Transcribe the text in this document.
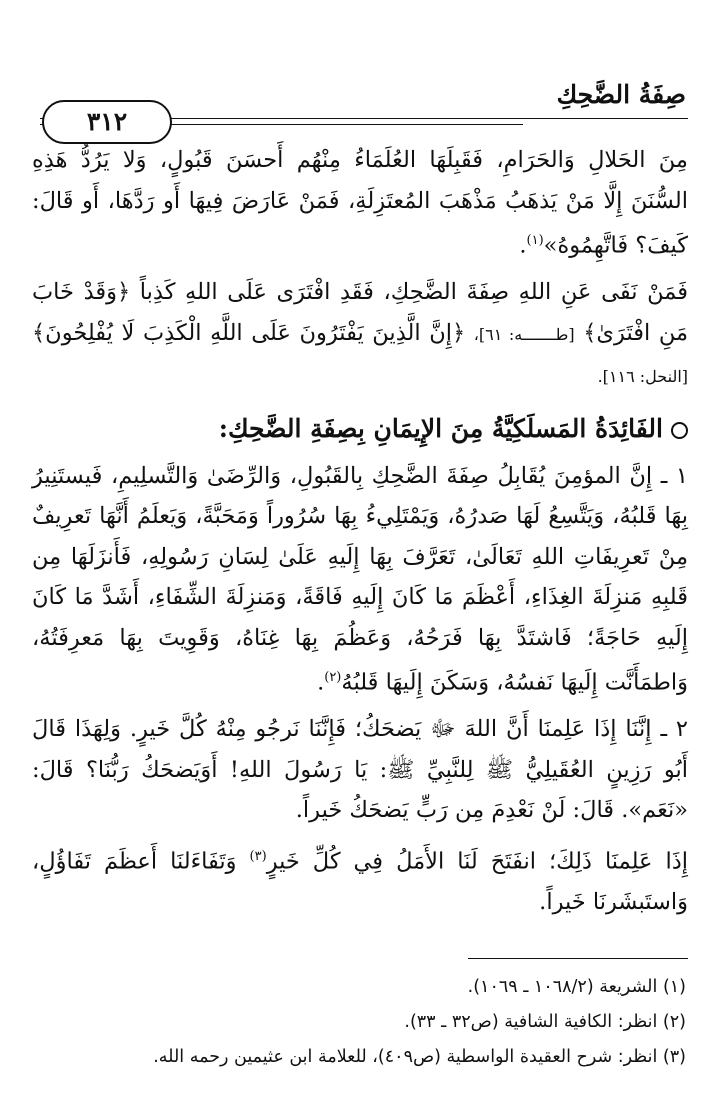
صِفَةُ الضَّحِكِ
٣١٢

مِنَ الحَلالِ وَالحَرَامِ، فَقَبِلَهَا العُلَمَاءُ مِنْهُم أَحسَنَ قَبُولٍ، وَلا يَرُدُّ هَذِهِ السُّنَنَ إِلَّا مَنْ يَذهَبُ مَذْهَبَ المُعتَزِلَةِ، فَمَنْ عَارَضَ فِيهَا أَو رَدَّهَا، أَو قَالَ: كَيفَ؟ فَاتَّهِمُوهُ»$^{(١)}$.

فَمَنْ نَفَى عَنِ اللهِ صِفَةَ الضَّحِكِ، فَقَدِ افْتَرَى عَلَى اللهِ كَذِباً ﴿وَقَدْ خَابَ مَنِ افْتَرَىٰ﴾ [طـــــــه: ٦١]، ﴿إِنَّ الَّذِينَ يَفْتَرُونَ عَلَى اللَّهِ الْكَذِبَ لَا يُفْلِحُونَ﴾ [النحل: ١١٦].

الفَائِدَةُ المَسلَكِيَّةُ مِنَ الإِيمَانِ بِصِفَةِ الضَّحِكِ:

١ ـ إِنَّ المؤمِنَ يُقَابِلُ صِفَةَ الضَّحِكِ بِالقَبُولِ، وَالرِّضَىٰ وَالتَّسلِيمِ، فَيستَنِيرُ بِهَا قَلبُهُ، وَيَتَّسِعُ لَهَا صَدرُهُ، وَيَمْتَلِيءُ بِهَا سُرُوراً وَمَحَبَّةً، وَيَعلَمُ أَنَّهَا تَعرِيفٌ مِنْ تَعرِيفَاتِ اللهِ تَعَالَىٰ، تَعَرَّفَ بِهَا إِلَيهِ عَلَىٰ لِسَانِ رَسُولِهِ، فَأَنزَلَهَا مِن قَلبِهِ مَنزِلَةَ الغِذَاءِ، أَعْظَمَ مَا كَانَ إِلَيهِ فَاقَةً، وَمَنزِلَةَ الشِّفَاءِ، أَشَدَّ مَا كَانَ إِلَيهِ حَاجَةً؛ فَاشتَدَّ بِهَا فَرَحُهُ، وَعَظُمَ بِهَا غِنَاهُ، وَقَوِيتَ بِهَا مَعرِفَتُهُ، وَاطمَأَنَّت إِلَيهَا نَفسُهُ، وَسَكَنَ إِلَيهَا قَلبُهُ$^{(٢)}$.

٢ ـ إِنَّنَا إِذَا عَلِمنَا أَنَّ اللهَ ﷻ يَضحَكُ؛ فَإِنَّنَا نَرجُو مِنْهُ كُلَّ خَيرٍ. وَلِهَذَا قَالَ أَبُو رَزِينٍ العُقَيلِيُّ ﷺ لِلنَّبِيِّ ﷺ: يَا رَسُولَ اللهِ! أَوَيَضحَكُ رَبُّنَا؟ قَالَ: «نَعَم». قَالَ: لَنْ نَعْدِمَ مِن رَبٍّ يَضحَكُ خَيراً.

إِذَا عَلِمنَا ذَلِكَ؛ انفَتَحَ لَنَا الأَمَلُ فِي كُلِّ خَيرٍ$^{(٣)}$ وَتَفَاءَلنَا أَعظَمَ تَفَاؤُلٍ، وَاستَبشَرنَا خَيراً.

(١) الشريعة (١٠٦٨/٢ ـ ١٠٦٩).
(٢) انظر: الكافية الشافية (ص٣٢ ـ ٣٣).
(٣) انظر: شرح العقيدة الواسطية (ص٤٠٩)، للعلامة ابن عثيمين رحمه الله.
